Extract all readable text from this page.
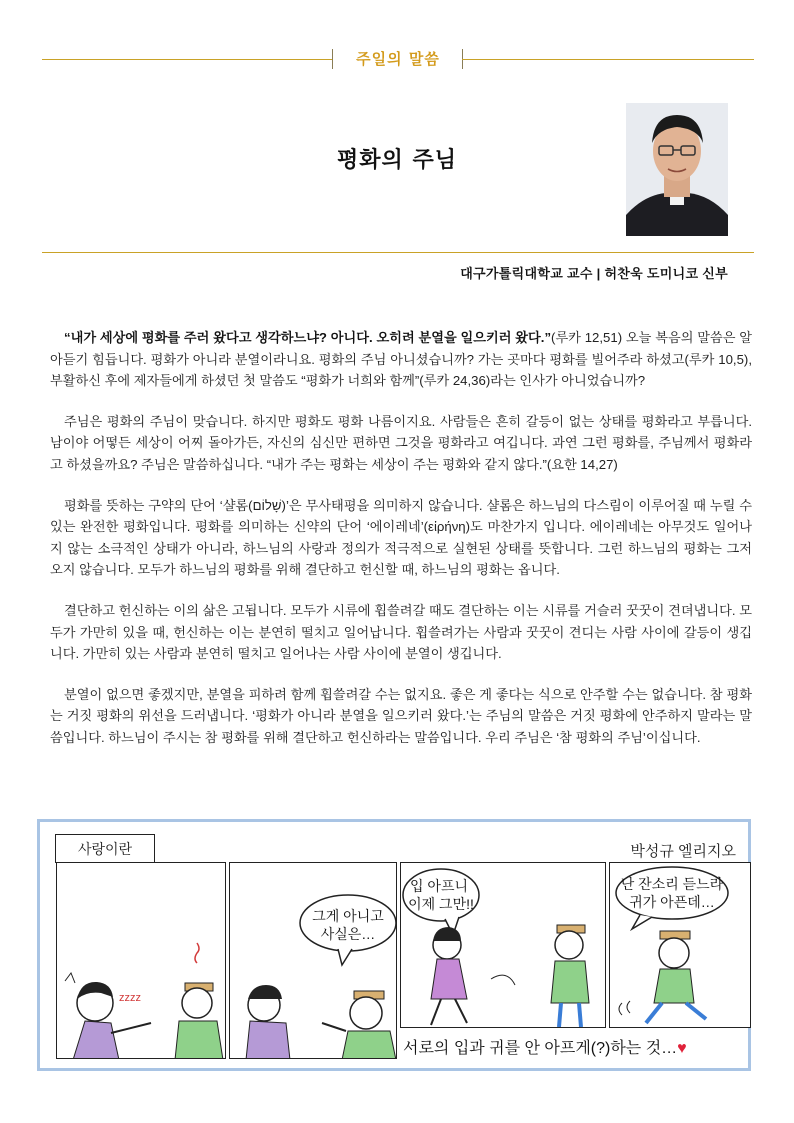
주일의 말씀
평화의 주님
대구가톨릭대학교 교수 | 허찬욱 도미니코 신부

“내가 세상에 평화를 주러 왔다고 생각하느냐? 아니다. 오히려 분열을 일으키러 왔다.”(루카 12,51) 오늘 복음의 말씀은 알아듣기 힘듭니다. 평화가 아니라 분열이라니요. 평화의 주님 아니셨습니까? 가는 곳마다 평화를 빌어주라 하셨고(루카 10,5), 부활하신 후에 제자들에게 하셨던 첫 말씀도 “평화가 너희와 함께”(루카 24,36)라는 인사가 아니었습니까?

주님은 평화의 주님이 맞습니다. 하지만 평화도 평화 나름이지요. 사람들은 흔히 갈등이 없는 상태를 평화라고 부릅니다. 남이야 어떻든 세상이 어찌 돌아가든, 자신의 심신만 편하면 그것을 평화라고 여깁니다. 과연 그런 평화를, 주님께서 평화라고 하셨을까요? 주님은 말씀하십니다. “내가 주는 평화는 세상이 주는 평화와 같지 않다.”(요한 14,27)

평화를 뜻하는 구약의 단어 ‘샬롬(שָׁלוֹם)’은 무사태평을 의미하지 않습니다. 샬롬은 하느님의 다스림이 이루어질 때 누릴 수 있는 완전한 평화입니다. 평화를 의미하는 신약의 단어 ‘에이레네’(εἰρήνη)도 마찬가지 입니다. 에이레네는 아무것도 일어나지 않는 소극적인 상태가 아니라, 하느님의 사랑과 정의가 적극적으로 실현된 상태를 뜻합니다. 그런 하느님의 평화는 그저 오지 않습니다. 모두가 하느님의 평화를 위해 결단하고 헌신할 때, 하느님의 평화는 옵니다.

결단하고 헌신하는 이의 삶은 고됩니다. 모두가 시류에 휩쓸려갈 때도 결단하는 이는 시류를 거슬러 꿋꿋이 견뎌냅니다. 모두가 가만히 있을 때, 헌신하는 이는 분연히 떨치고 일어납니다. 휩쓸려가는 사람과 꿋꿋이 견디는 사람 사이에 갈등이 생깁니다. 가만히 있는 사람과 분연히 떨치고 일어나는 사람 사이에 분열이 생깁니다.

분열이 없으면 좋겠지만, 분열을 피하려 함께 휩쓸려갈 수는 없지요. 좋은 게 좋다는 식으로 안주할 수는 없습니다. 참 평화는 거짓 평화의 위선을 드러냅니다. ‘평화가 아니라 분열을 일으키러 왔다.’는 주님의 말씀은 거짓 평화에 안주하지 말라는 말씀입니다. 하느님이 주시는 참 평화를 위해 결단하고 헌신하라는 말씀입니다. 우리 주님은 ‘참 평화의 주님’이십니다.

사랑이란	박성규 엘리지오
zzzz
그게 아니고
사실은…
입 아프니
이제 그만!!
난 잔소리 듣느라
귀가 아픈데…
서로의 입과 귀를 안 아프게(?)하는 것…♥
